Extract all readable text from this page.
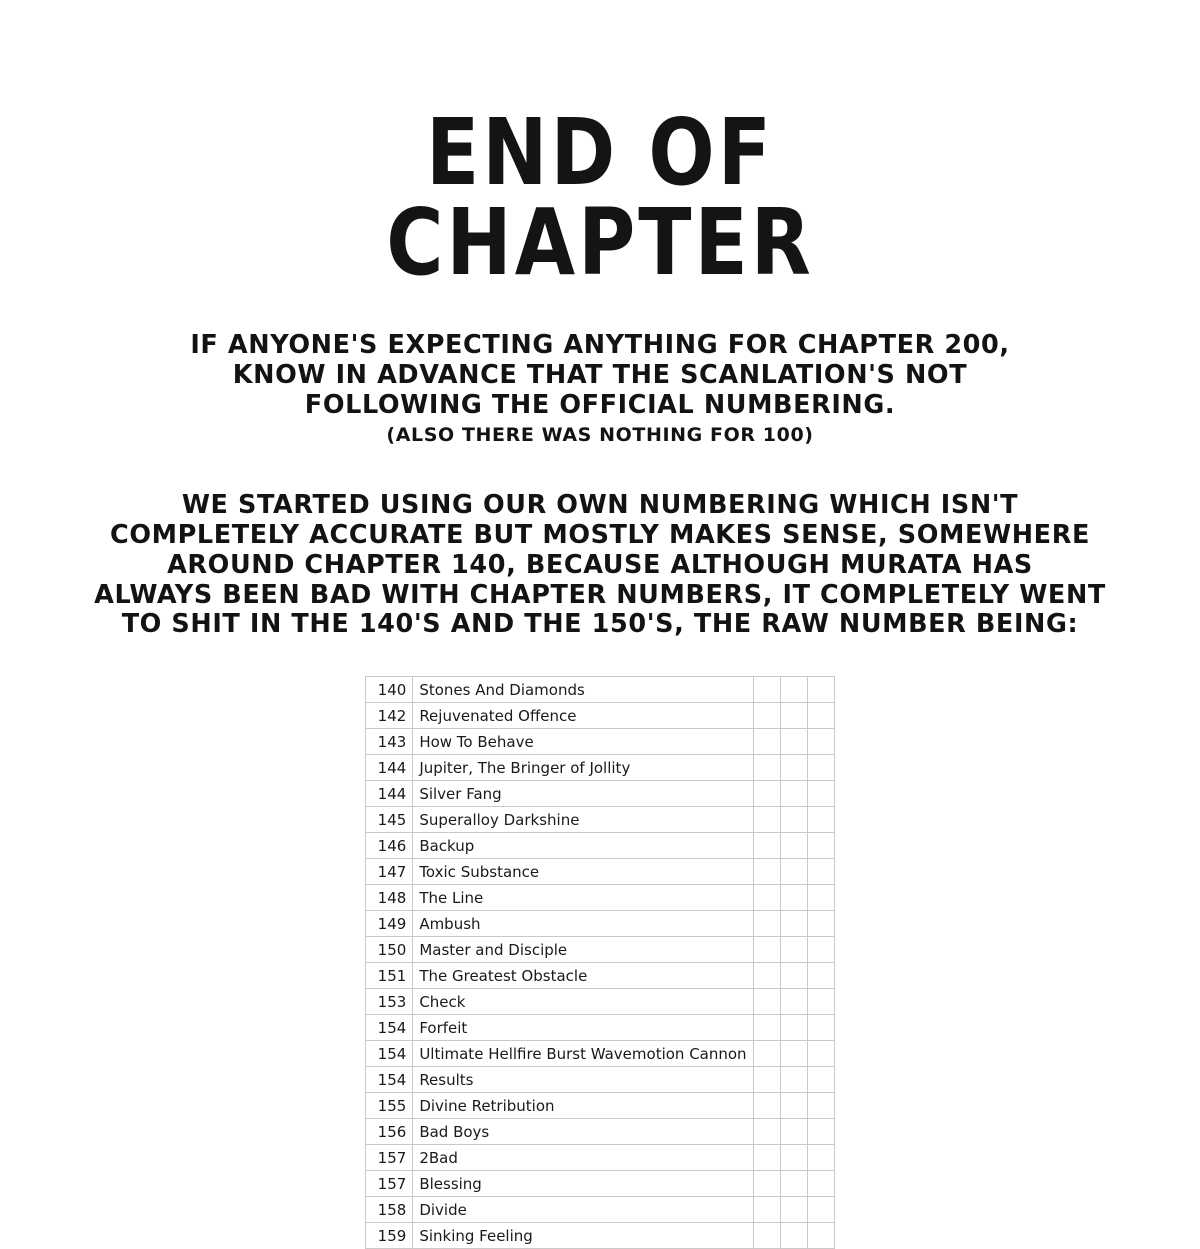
END OF
CHAPTER
IF ANYONE'S EXPECTING ANYTHING FOR CHAPTER 200,
KNOW IN ADVANCE THAT THE SCANLATION'S NOT
FOLLOWING THE OFFICIAL NUMBERING.
(ALSO THERE WAS NOTHING FOR 100)
WE STARTED USING OUR OWN NUMBERING WHICH ISN'T
COMPLETELY ACCURATE BUT MOSTLY MAKES SENSE, SOMEWHERE
AROUND CHAPTER 140, BECAUSE ALTHOUGH MURATA HAS
ALWAYS BEEN BAD WITH CHAPTER NUMBERS, IT COMPLETELY WENT
TO SHIT IN THE 140'S AND THE 150'S, THE RAW NUMBER BEING:
140	Stones And Diamonds			
142	Rejuvenated Offence			
143	How To Behave			
144	Jupiter, The Bringer of Jollity			
144	Silver Fang			
145	Superalloy Darkshine			
146	Backup			
147	Toxic Substance			
148	The Line			
149	Ambush			
150	Master and Disciple			
151	The Greatest Obstacle			
153	Check			
154	Forfeit			
154	Ultimate Hellfire Burst Wavemotion Cannon			
154	Results			
155	Divine Retribution			
156	Bad Boys			
157	2Bad			
157	Blessing			
158	Divide			
159	Sinking Feeling			
